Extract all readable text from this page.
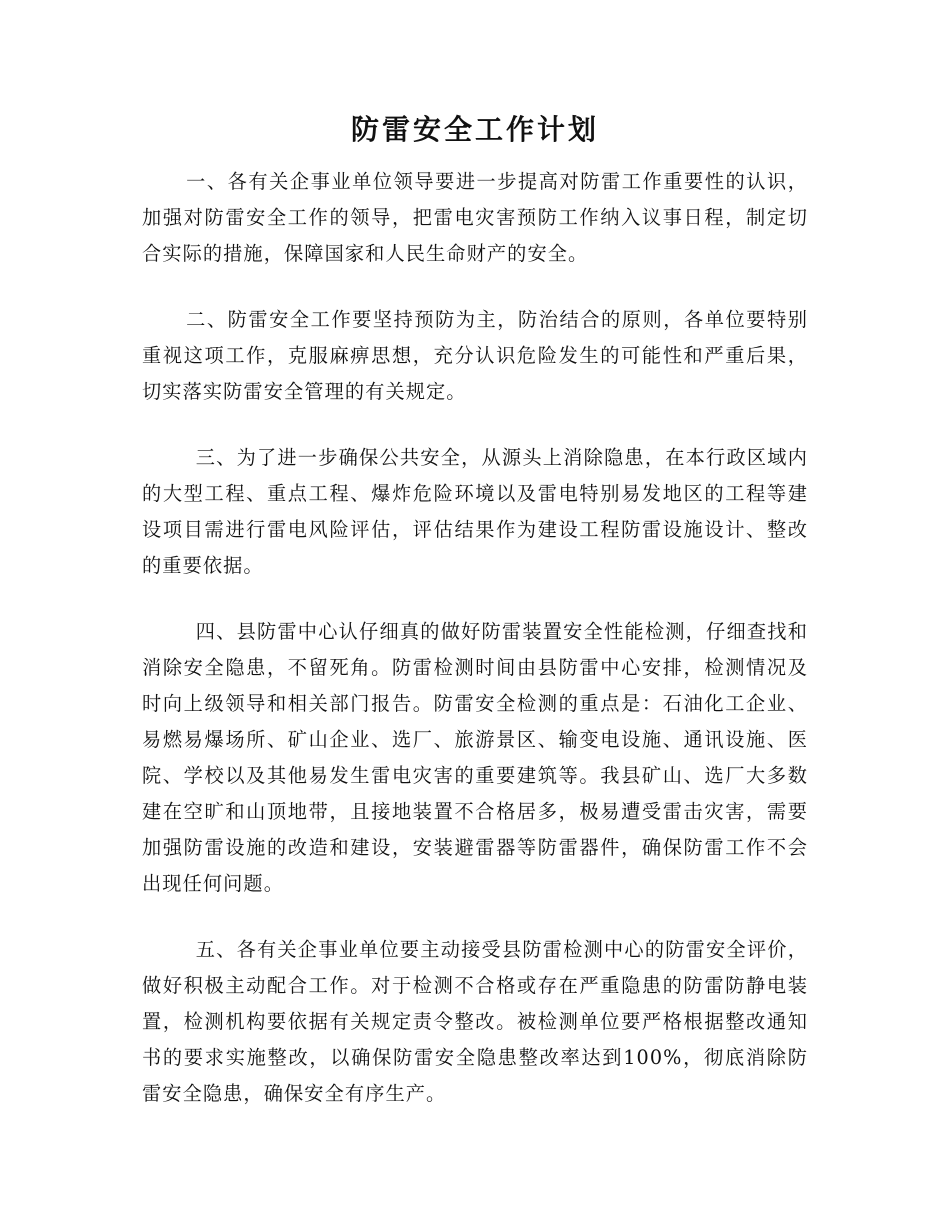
防雷安全工作计划

一、各有关企事业单位领导要进一步提高对防雷工作重要性的认识，加强对防雷安全工作的领导，把雷电灾害预防工作纳入议事日程，制定切合实际的措施，保障国家和人民生命财产的安全。

二、防雷安全工作要坚持预防为主，防治结合的原则，各单位要特别重视这项工作，克服麻痹思想，充分认识危险发生的可能性和严重后果，切实落实防雷安全管理的有关规定。

三、为了进一步确保公共安全，从源头上消除隐患，在本行政区域内的大型工程、重点工程、爆炸危险环境以及雷电特别易发地区的工程等建设项目需进行雷电风险评估，评估结果作为建设工程防雷设施设计、整改的重要依据。

四、县防雷中心认仔细真的做好防雷装置安全性能检测，仔细查找和消除安全隐患，不留死角。防雷检测时间由县防雷中心安排，检测情况及时向上级领导和相关部门报告。防雷安全检测的重点是：石油化工企业、易燃易爆场所、矿山企业、选厂、旅游景区、输变电设施、通讯设施、医院、学校以及其他易发生雷电灾害的重要建筑等。我县矿山、选厂大多数建在空旷和山顶地带，且接地装置不合格居多，极易遭受雷击灾害，需要加强防雷设施的改造和建设，安装避雷器等防雷器件，确保防雷工作不会出现任何问题。

五、各有关企事业单位要主动接受县防雷检测中心的防雷安全评价，做好积极主动配合工作。对于检测不合格或存在严重隐患的防雷防静电装置，检测机构要依据有关规定责令整改。被检测单位要严格根据整改通知书的要求实施整改，以确保防雷安全隐患整改率达到100%，彻底消除防雷安全隐患，确保安全有序生产。
